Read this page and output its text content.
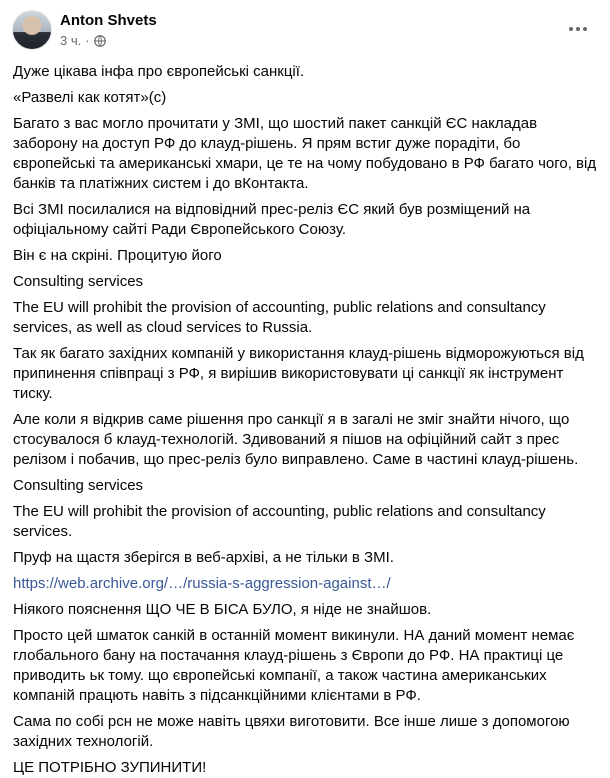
Anton Shvets
3 ч. ·

Дуже цікава інфа про європейські санкції.

«Развелі как котят»(с)

Багато з вас могло прочитати у ЗМІ, що шостий пакет санкцій ЄС накладав заборону на доступ РФ до клауд-рішень. Я прям встиг дуже порадіти, бо європейські та американські хмари, це те на чому побудовано в РФ багато чого, від банків та платіжних систем і до вКонтакта.

Всі ЗМІ посилалися на відповідний прес-реліз ЄС який був розміщений на офіціальному сайті Ради Європейського Союзу.

Він є на скріні. Процитую його

Consulting services

The EU will prohibit the provision of accounting, public relations and consultancy services, as well as cloud services to Russia.

Так як багато західних компаній у використання клауд-рішень відморожуються від припинення співпраці з РФ, я вирішив використовувати ці санкції як інструмент тиску.

Але коли я відкрив саме рішення про санкції я в загалі не зміг знайти нічого, що стосувалося б клауд-технологій. Здивований я пішов на офіційний сайт з прес релізом і побачив, що прес-реліз було виправлено. Саме в частині клауд-рішень.

Consulting services

The EU will prohibit the provision of accounting, public relations and consultancy services.

Пруф на щастя зберігся в веб-архіві, а не тільки в ЗМІ.

https://web.archive.org/…/russia-s-aggression-against…/

Ніякого пояснення ЩО ЧЕ В БІСА БУЛО, я ніде не знайшов.

Просто цей шматок санкій в останній момент викинули. НА даний момент немає глобального бану на постачання клауд-рішень з Європи до РФ. НА практиці це приводить ьк тому. що європейські компанії, а також частина американських компаній працють навіть з підсанкційними клієнтами в РФ.

Сама по собі рсн не може навіть цвяхи виготовити. Все інше лише з допомогою західних технологій.

ЦЕ ПОТРІБНО ЗУПИНИТИ!
